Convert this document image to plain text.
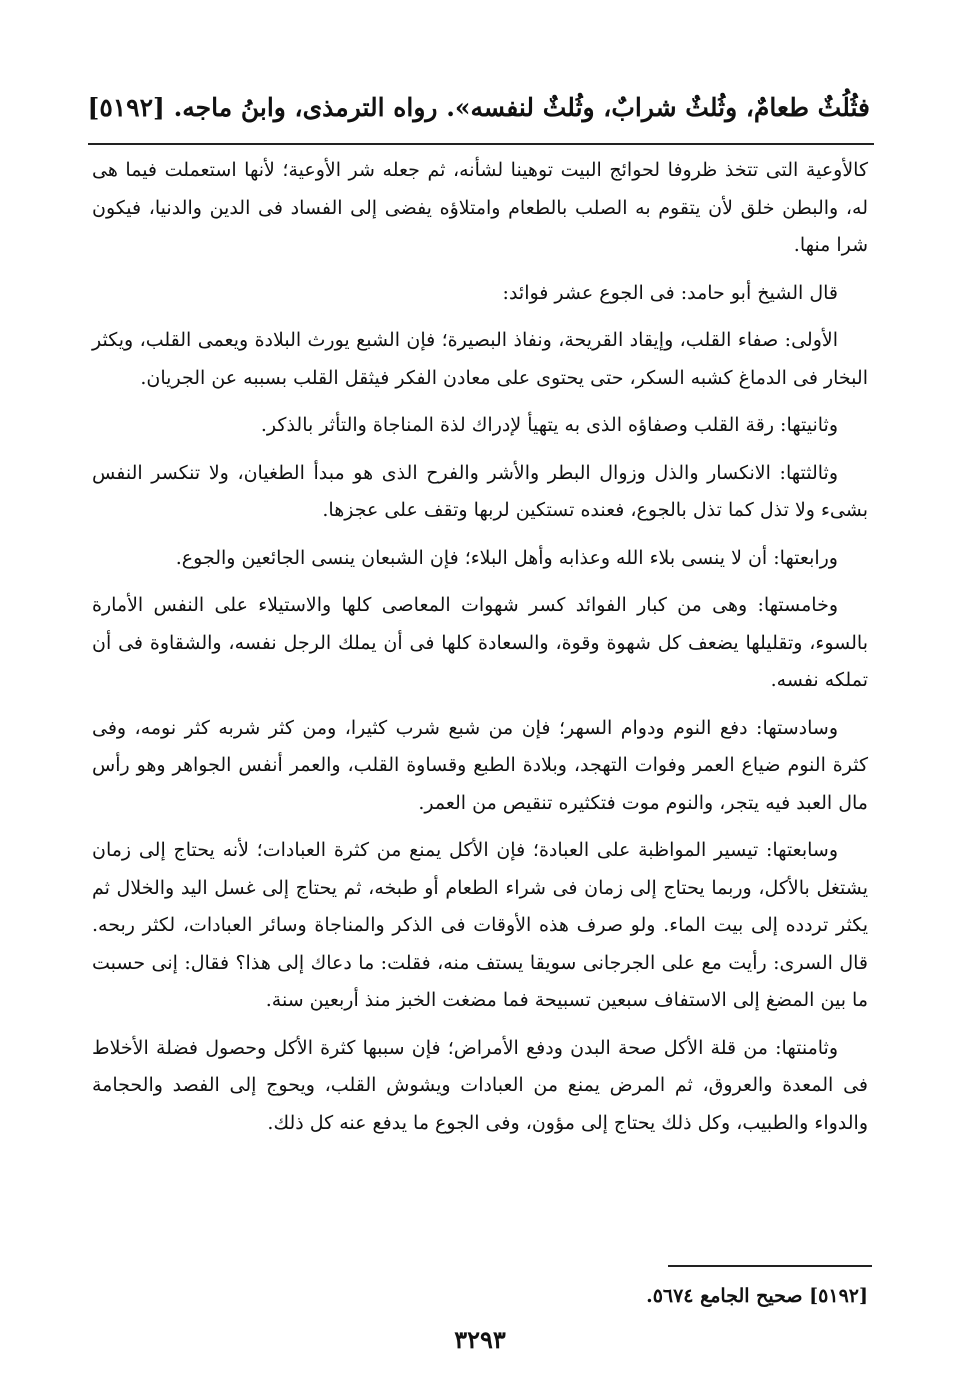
فثُلُثٌ طعامٌ، وثُلثٌ شرابٌ، وثُلثٌ لنفسه». رواه الترمذى، وابنُ ماجه. [٥١٩٢]

كالأوعية التى تتخذ ظروفا لحوائج البيت توهينا لشأنه، ثم جعله شر الأوعية؛ لأنها استعملت فيما هى له، والبطن خلق لأن يتقوم به الصلب بالطعام وامتلاؤه يفضى إلى الفساد فى الدين والدنيا، فيكون شرا منها.

قال الشيخ أبو حامد: فى الجوع عشر فوائد:

الأولى: صفاء القلب، وإيقاد القريحة، ونفاذ البصيرة؛ فإن الشبع يورث البلادة ويعمى القلب، ويكثر البخار فى الدماغ كشبه السكر، حتى يحتوى على معادن الفكر فيثقل القلب بسببه عن الجريان.

وثانيتها: رقة القلب وصفاؤه الذى به يتهيأ لإدراك لذة المناجاة والتأثر بالذكر.

وثالثتها: الانكسار والذل وزوال البطر والأشر والفرح الذى هو مبدأ الطغيان، ولا تنكسر النفس بشىء ولا تذل كما تذل بالجوع، فعنده تستكين لربها وتقف على عجزها.

ورابعتها: أن لا ينسى بلاء الله وعذابه وأهل البلاء؛ فإن الشبعان ينسى الجائعين والجوع.

وخامستها: وهى من كبار الفوائد كسر شهوات المعاصى كلها والاستيلاء على النفس الأمارة بالسوء، وتقليلها يضعف كل شهوة وقوة، والسعادة كلها فى أن يملك الرجل نفسه، والشقاوة فى أن تملكه نفسه.

وسادستها: دفع النوم ودوام السهر؛ فإن من شبع شرب كثيرا، ومن كثر شربه كثر نومه، وفى كثرة النوم ضياع العمر وفوات التهجد، وبلادة الطبع وقساوة القلب، والعمر أنفس الجواهر وهو رأس مال العبد فيه يتجر، والنوم موت فتكثيره تنقيص من العمر.

وسابعتها: تيسير المواظبة على العبادة؛ فإن الأكل يمنع من كثرة العبادات؛ لأنه يحتاج إلى زمان يشتغل بالأكل، وربما يحتاج إلى زمان فى شراء الطعام أو طبخه، ثم يحتاج إلى غسل اليد والخلال ثم يكثر تردده إلى بيت الماء. ولو صرف هذه الأوقات فى الذكر والمناجاة وسائر العبادات، لكثر ربحه. قال السرى: رأيت مع على الجرجانى سويقا يستف منه، فقلت: ما دعاك إلى هذا؟ فقال: إنى حسبت ما بين المضغ إلى الاستفاف سبعين تسبيحة فما مضغت الخبز منذ أربعين سنة.

وثامنتها: من قلة الأكل صحة البدن ودفع الأمراض؛ فإن سببها كثرة الأكل وحصول فضلة الأخلاط فى المعدة والعروق، ثم المرض يمنع من العبادات ويشوش القلب، ويحوج إلى الفصد والحجامة والدواء والطبيب، وكل ذلك يحتاج إلى مؤون، وفى الجوع ما يدفع عنه كل ذلك.

[٥١٩٢] صحيح الجامع ٥٦٧٤.
٣٢٩٣
